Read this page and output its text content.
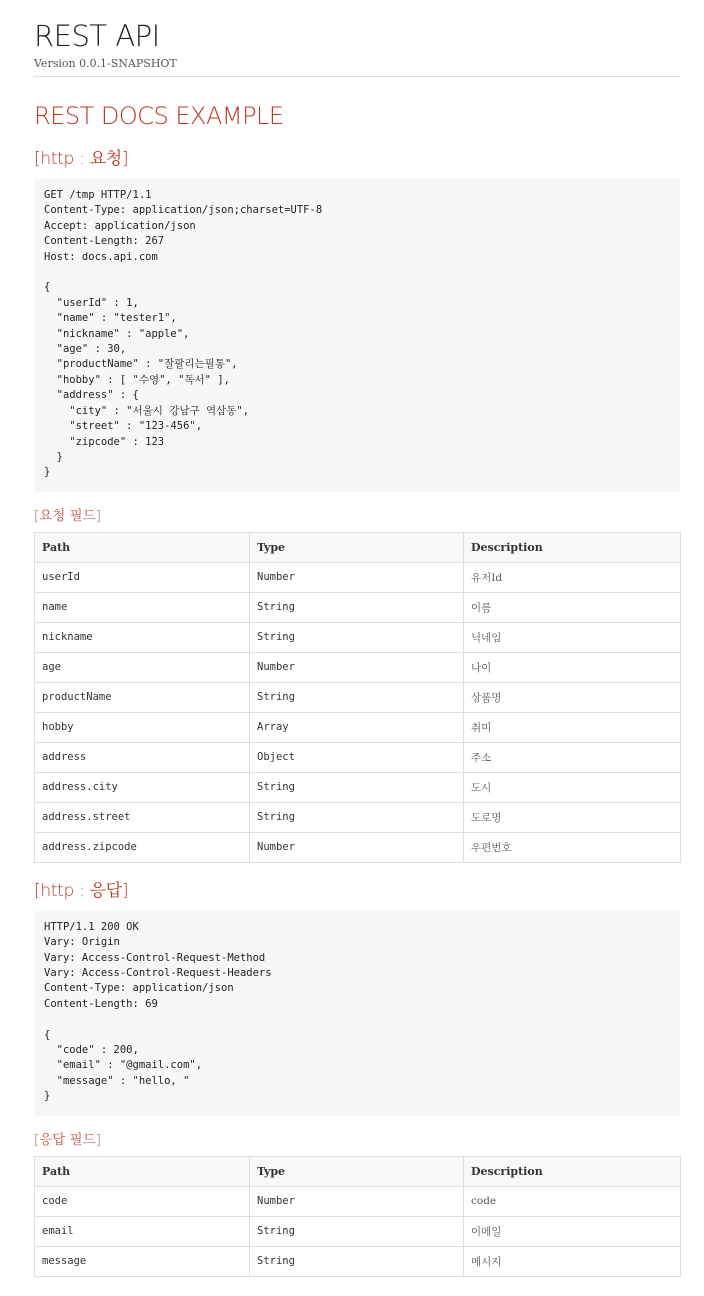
REST API
Version 0.0.1-SNAPSHOT
REST DOCS EXAMPLE
[http : 요청]
GET /tmp HTTP/1.1
Content-Type: application/json;charset=UTF-8
Accept: application/json
Content-Length: 267
Host: docs.api.com

{
"userId" : 1,
"name" : "tester1",
"nickname" : "apple",
"age" : 30,
"productName" : "잘팔리는필통",
"hobby" : [ "수영", "독서" ],
"address" : {
"city" : "서울시 강남구 역삼동",
"street" : "123-456",
"zipcode" : 123
}
}
[요청 필드]
Path	Type	Description
userId	Number	유저Id
name	String	이름
nickname	String	닉네임
age	Number	나이
productName	String	상품명
hobby	Array	취미
address	Object	주소
address.city	String	도시
address.street	String	도로명
address.zipcode	Number	우편번호
[http : 응답]
HTTP/1.1 200 OK
Vary: Origin
Vary: Access-Control-Request-Method
Vary: Access-Control-Request-Headers
Content-Type: application/json
Content-Length: 69

{
"code" : 200,
"email" : "@gmail.com",
"message" : "hello, "
}
[응답 필드]
Path	Type	Description
code	Number	code
email	String	이메일
message	String	메시지
